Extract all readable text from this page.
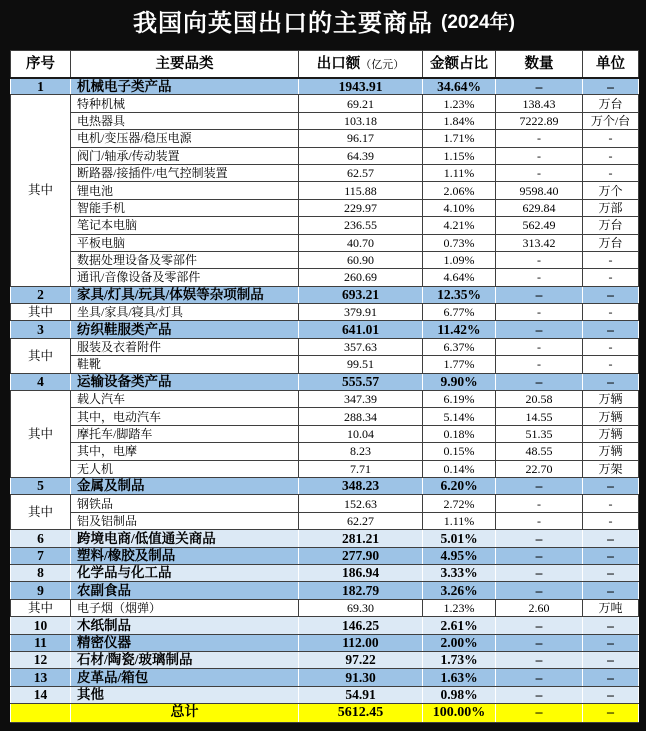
我国向英国出口的主要商品 (2024年)
序号	主要品类	出口额（亿元）	金额占比	数量	单位
1	机械电子类产品	1943.91	34.64%	–	–
其中	特种机械	69.21	1.23%	138.43	万台
	电热器具	103.18	1.84%	7222.89	万个/台
	电机/变压器/稳压电源	96.17	1.71%	-	-
	阀门/轴承/传动装置	64.39	1.15%	-	-
	断路器/接插件/电气控制装置	62.57	1.11%	-	-
	锂电池	115.88	2.06%	9598.40	万个
	智能手机	229.97	4.10%	629.84	万部
	笔记本电脑	236.55	4.21%	562.49	万台
	平板电脑	40.70	0.73%	313.42	万台
	数据处理设备及零部件	60.90	1.09%	-	-
	通讯/音像设备及零部件	260.69	4.64%	-	-
2	家具/灯具/玩具/体娱等杂项制品	693.21	12.35%	–	–
其中	坐具/家具/寝具/灯具	379.91	6.77%	-	-
3	纺织鞋服类产品	641.01	11.42%	–	–
其中	服装及衣着附件	357.63	6.37%	-	-
	鞋靴	99.51	1.77%	-	-
4	运输设备类产品	555.57	9.90%	–	–
其中	载人汽车	347.39	6.19%	20.58	万辆
	其中，电动汽车	288.34	5.14%	14.55	万辆
	摩托车/脚踏车	10.04	0.18%	51.35	万辆
	其中，电摩	8.23	0.15%	48.55	万辆
	无人机	7.71	0.14%	22.70	万架
5	金属及制品	348.23	6.20%	–	–
其中	钢铁品	152.63	2.72%	-	-
	铝及铝制品	62.27	1.11%	-	-
6	跨境电商/低值通关商品	281.21	5.01%	–	–
7	塑料/橡胶及制品	277.90	4.95%	–	–
8	化学品与化工品	186.94	3.33%	–	–
9	农副食品	182.79	3.26%	–	–
其中	电子烟（烟弹）	69.30	1.23%	2.60	万吨
10	木纸制品	146.25	2.61%	–	–
11	精密仪器	112.00	2.00%	–	–
12	石材/陶瓷/玻璃制品	97.22	1.73%	–	–
13	皮革品/箱包	91.30	1.63%	–	–
14	其他	54.91	0.98%	–	–
	总计	5612.45	100.00%	–	–
